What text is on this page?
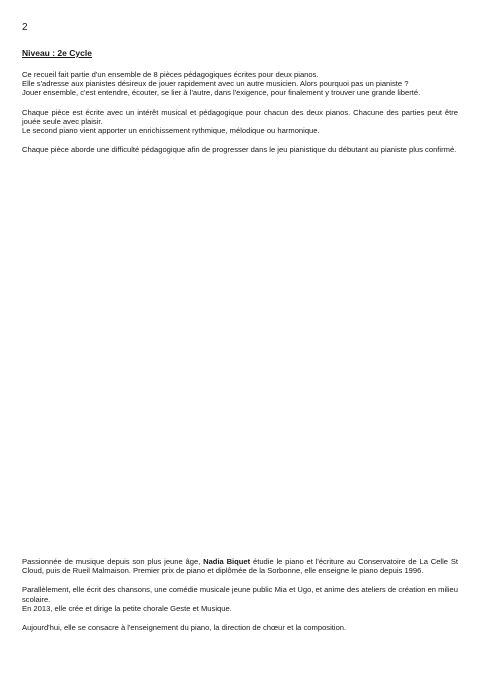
2
Niveau : 2e Cycle

Ce recueil fait partie d'un ensemble de 8 pièces pédagogiques écrites pour deux pianos.

Elle s'adresse aux pianistes désireux de jouer rapidement avec un autre musicien. Alors pourquoi pas un pianiste ?

Jouer ensemble, c'est entendre, écouter, se lier à l'autre, dans l'exigence, pour finalement y trouver une grande liberté.

Chaque pièce est écrite avec un intérêt musical et pédagogique pour chacun des deux pianos. Chacune des parties peut être jouée seule avec plaisir.

Le second piano vient apporter un enrichissement rythmique, mélodique ou harmonique.

Chaque pièce aborde une difficulté pédagogique afin de progresser dans le jeu pianistique du débutant au pianiste plus confirmé.

Passionnée de musique depuis son plus jeune âge, Nadia Biquet étudie le piano et l'écriture au Conservatoire de La Celle St Cloud, puis de Rueil Malmaison. Premier prix de piano et diplômée de la Sorbonne, elle enseigne le piano depuis 1996.

Parallèlement, elle écrit des chansons, une comédie musicale jeune public Mia et Ugo, et anime des ateliers de création en milieu scolaire.

En 2013, elle crée et dirige la petite chorale Geste et Musique.

Aujourd'hui, elle se consacre à l'enseignement du piano, la direction de chœur et la composition.
